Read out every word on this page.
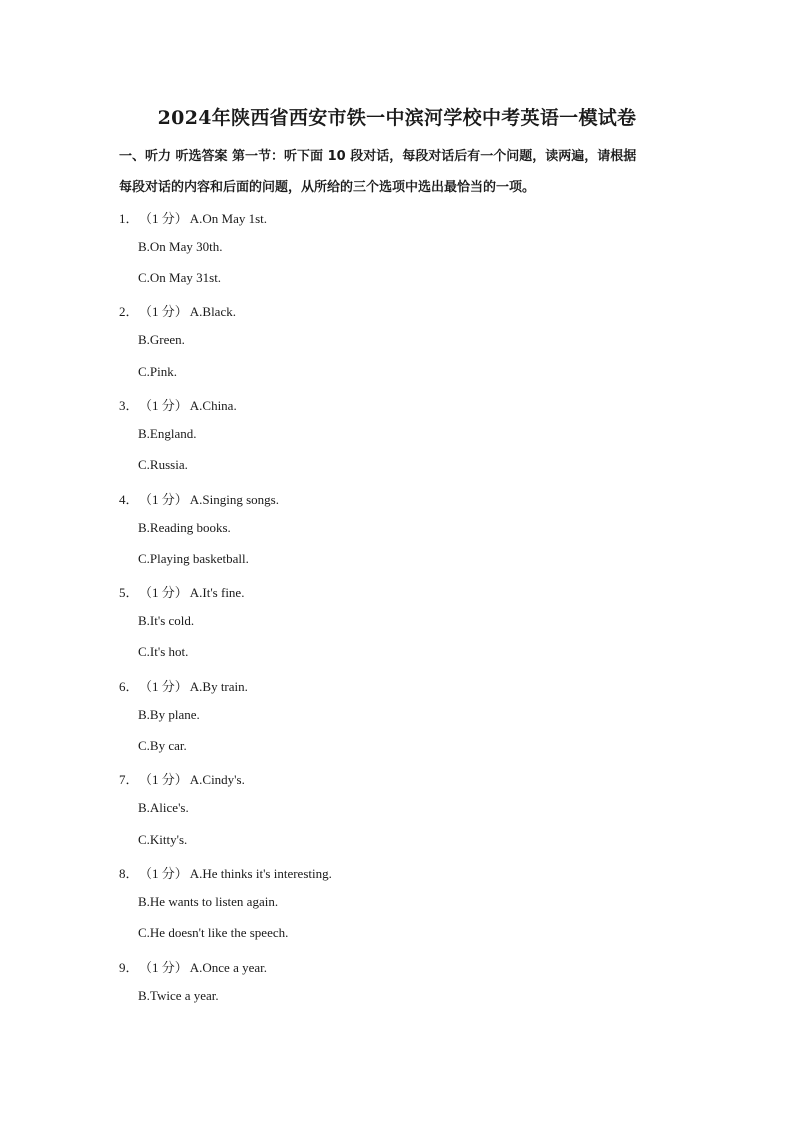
2024年陕西省西安市铁一中滨河学校中考英语一模试卷
一、听力 听选答案 第一节：听下面 10 段对话，每段对话后有一个问题，读两遍，请根据
每段对话的内容和后面的问题，从所给的三个选项中选出最恰当的一项。
1．（1 分） A.On May 1st.
B.On May 30th.
C.On May 31st.
2．（1 分） A.Black.
B.Green.
C.Pink.
3．（1 分） A.China.
B.England.
C.Russia.
4．（1 分） A.Singing songs.
B.Reading books.
C.Playing basketball.
5．（1 分） A.It's fine.
B.It's cold.
C.It's hot.
6．（1 分） A.By train.
B.By plane.
C.By car.
7．（1 分） A.Cindy's.
B.Alice's.
C.Kitty's.
8．（1 分） A.He thinks it's interesting.
B.He wants to listen again.
C.He doesn't like the speech.
9．（1 分） A.Once a year.
B.Twice a year.
